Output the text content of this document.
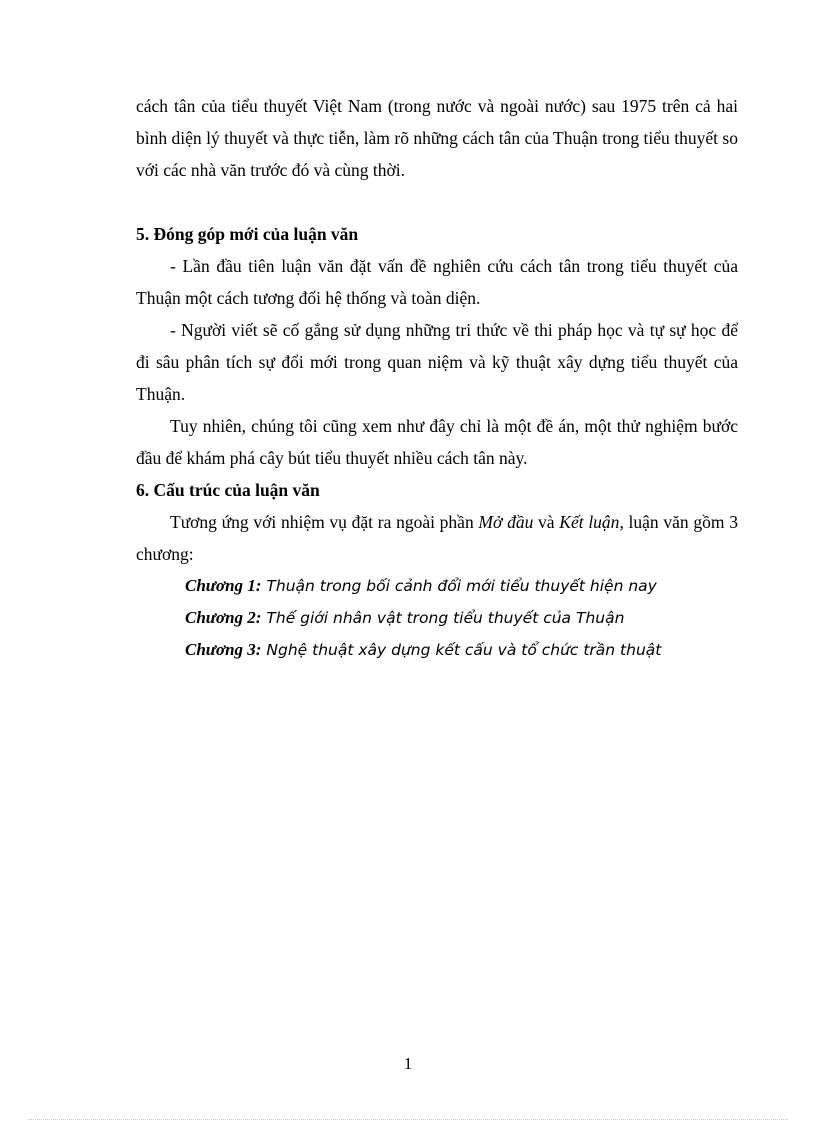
cách tân của tiểu thuyết Việt Nam (trong nước và ngoài nước) sau 1975 trên cả hai bình diện lý thuyết và thực tiễn, làm rõ những cách tân của Thuận trong tiểu thuyết so với các nhà văn trước đó và cùng thời.

5. Đóng góp mới của luận văn

- Lần đầu tiên luận văn đặt vấn đề nghiên cứu cách tân trong tiểu thuyết của Thuận một cách tương đối hệ thống và toàn diện.

- Người viết sẽ cố gắng sử dụng những tri thức về thi pháp học và tự sự học để đi sâu phân tích sự đổi mới trong quan niệm và kỹ thuật xây dựng tiểu thuyết của Thuận.

Tuy nhiên, chúng tôi cũng xem như đây chỉ là một đề án, một thử nghiệm bước đầu để khám phá cây bút tiểu thuyết nhiều cách tân này.

6. Cấu trúc của luận văn

Tương ứng với nhiệm vụ đặt ra ngoài phần Mở đầu và Kết luận, luận văn gồm 3 chương:

Chương 1: Thuận trong bối cảnh đổi mới tiểu thuyết hiện nay

Chương 2: Thế giới nhân vật trong tiểu thuyết của Thuận

Chương 3: Nghệ thuật xây dựng kết cấu và tổ chức trần thuật

1
